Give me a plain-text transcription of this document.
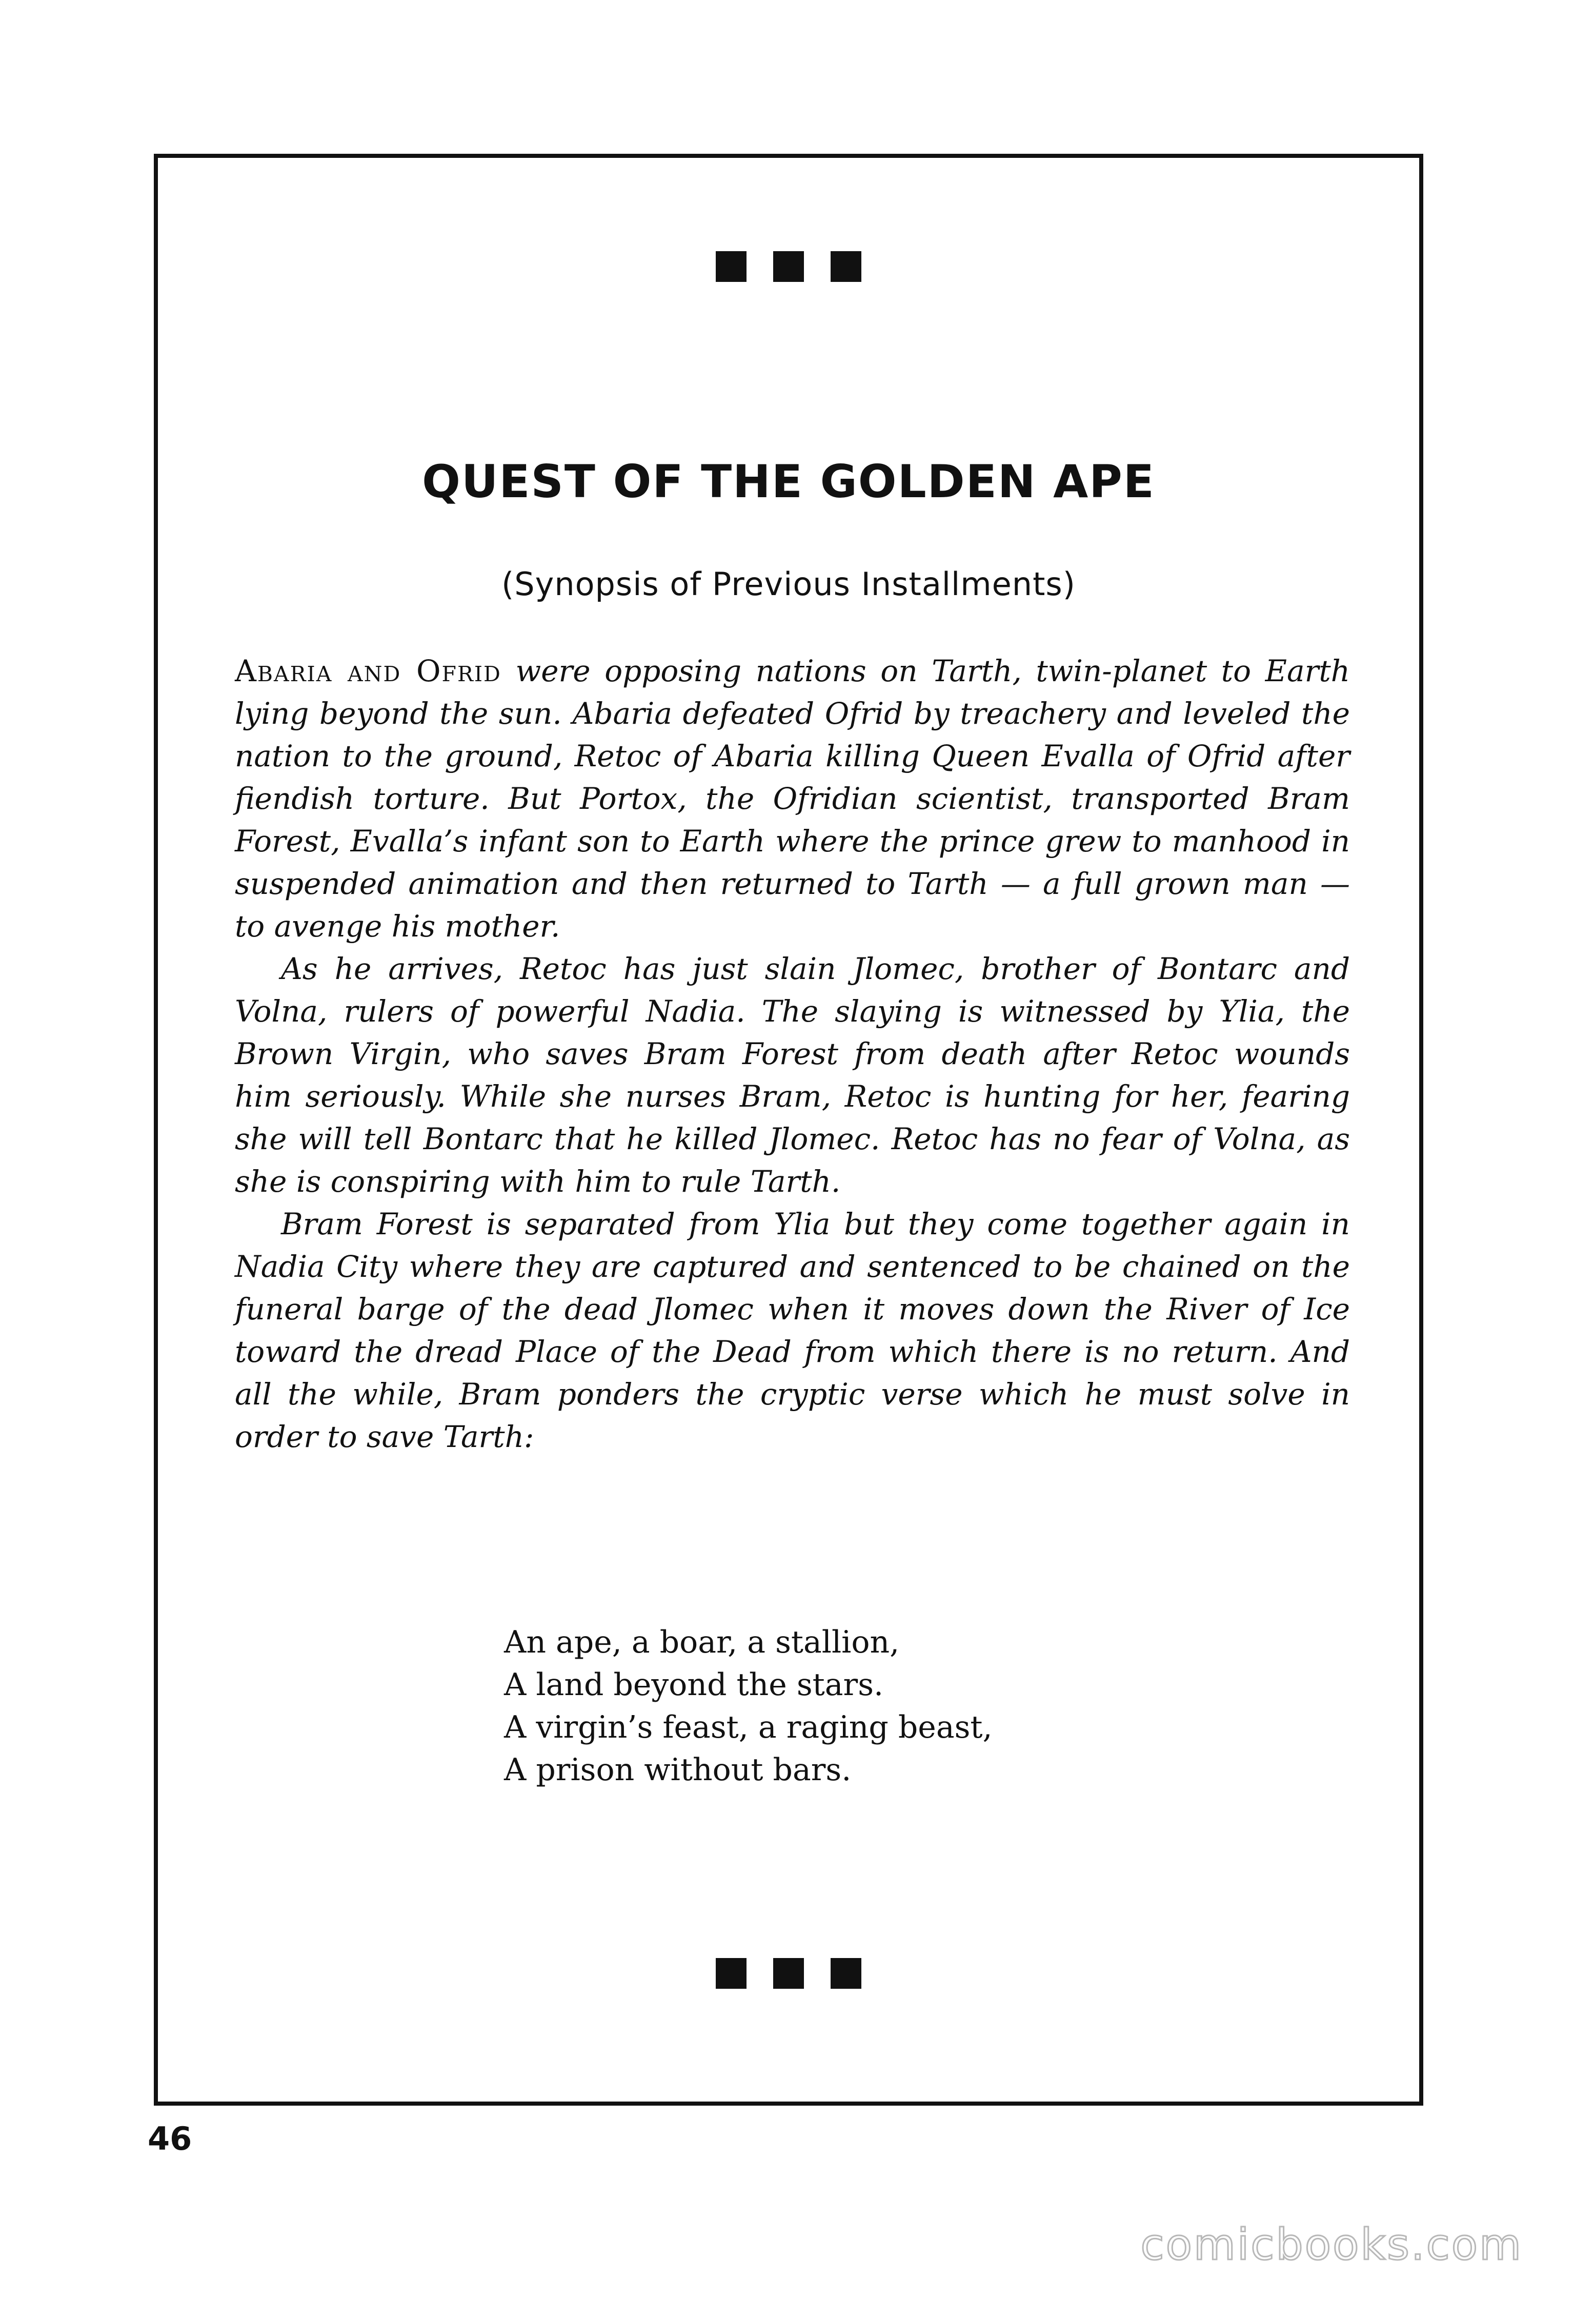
QUEST OF THE GOLDEN APE
(Synopsis of Previous Installments)

Abaria and Ofrid were opposing nations on Tarth, twin-planet to Earth lying beyond the sun. Abaria defeated Ofrid by treachery and leveled the nation to the ground, Retoc of Abaria killing Queen Evalla of Ofrid after fiendish torture. But Portox, the Ofridian scientist, transported Bram Forest, Evalla’s infant son to Earth where the prince grew to manhood in suspended animation and then returned to Tarth — a full grown man — to avenge his mother.

As he arrives, Retoc has just slain Jlomec, brother of Bontarc and Volna, rulers of powerful Nadia. The slaying is witnessed by Ylia, the Brown Virgin, who saves Bram Forest from death after Retoc wounds him seriously. While she nurses Bram, Retoc is hunting for her, fearing she will tell Bontarc that he killed Jlomec. Retoc has no fear of Volna, as she is conspiring with him to rule Tarth.

Bram Forest is separated from Ylia but they come together again in Nadia City where they are captured and sentenced to be chained on the funeral barge of the dead Jlomec when it moves down the River of Ice toward the dread Place of the Dead from which there is no return. And all the while, Bram ponders the cryptic verse which he must solve in order to save Tarth:

An ape, a boar, a stallion,
A land beyond the stars.
A virgin’s feast, a raging beast,
A prison without bars.
46
comicbooks.com
